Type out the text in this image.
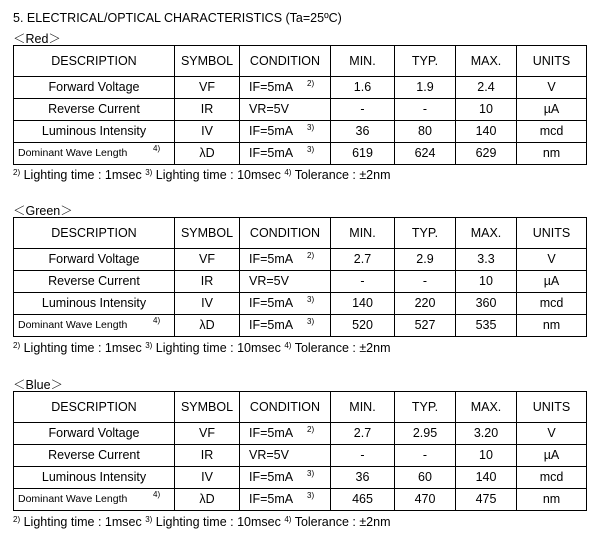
5. ELECTRICAL/OPTICAL CHARACTERISTICS (Ta=25ºC)
＜Red＞
DESCRIPTION	SYMBOL	CONDITION	MIN.	TYP.	MAX.	UNITS
Forward Voltage	VF	IF=5mA 2)	1.6	1.9	2.4	V
Reverse Current	IR	VR=5V	-	-	10	µA
Luminous Intensity	IV	IF=5mA 3)	36	80	140	mcd
Dominant Wave Length 4)	λD	IF=5mA 3)	619	624	629	nm
$^{2)}$ Lighting time : 1msec $^{3)}$ Lighting time : 10msec $^{4)}$ Tolerance : ±2nm
＜Green＞
DESCRIPTION	SYMBOL	CONDITION	MIN.	TYP.	MAX.	UNITS
Forward Voltage	VF	IF=5mA 2)	2.7	2.9	3.3	V
Reverse Current	IR	VR=5V	-	-	10	µA
Luminous Intensity	IV	IF=5mA 3)	140	220	360	mcd
Dominant Wave Length 4)	λD	IF=5mA 3)	520	527	535	nm
$^{2)}$ Lighting time : 1msec $^{3)}$ Lighting time : 10msec $^{4)}$ Tolerance : ±2nm
＜Blue＞
DESCRIPTION	SYMBOL	CONDITION	MIN.	TYP.	MAX.	UNITS
Forward Voltage	VF	IF=5mA 2)	2.7	2.95	3.20	V
Reverse Current	IR	VR=5V	-	-	10	µA
Luminous Intensity	IV	IF=5mA 3)	36	60	140	mcd
Dominant Wave Length 4)	λD	IF=5mA 3)	465	470	475	nm
$^{2)}$ Lighting time : 1msec $^{3)}$ Lighting time : 10msec $^{4)}$ Tolerance : ±2nm
